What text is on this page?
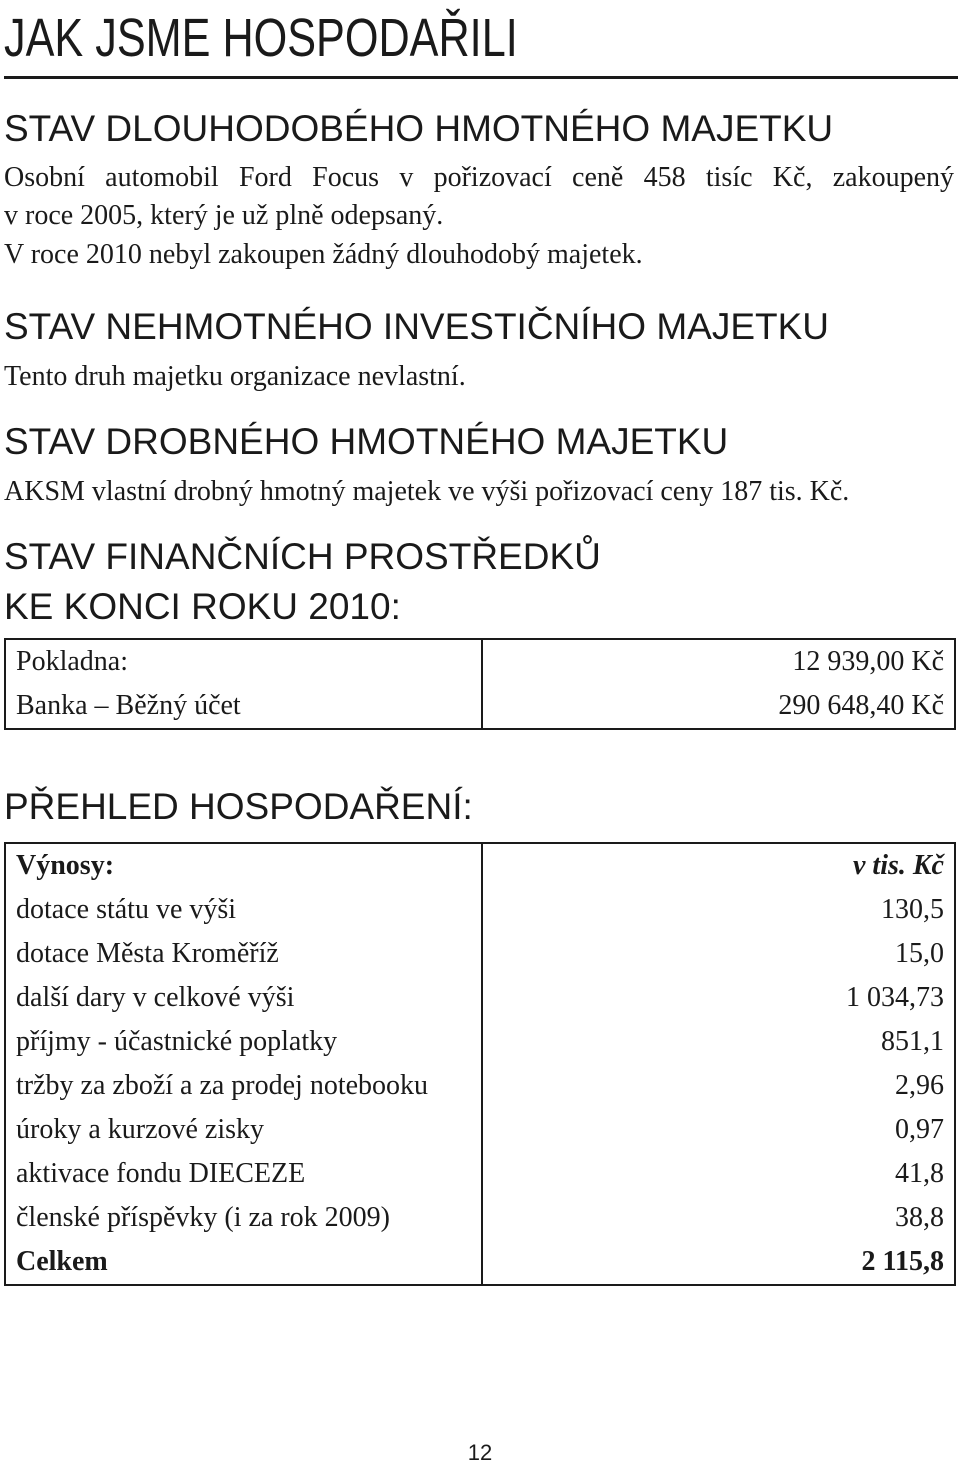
JAK JSME HOSPODAŘILI
STAV DLOUHODOBÉHO HMOTNÉHO MAJETKU
Osobní automobil Ford Focus v pořizovací ceně 458 tisíc Kč, zakoupený
v roce 2005, který je už plně odepsaný.
V roce 2010 nebyl zakoupen žádný dlouhodobý majetek.
STAV NEHMOTNÉHO INVESTIČNÍHO MAJETKU
Tento druh majetku organizace nevlastní.
STAV DROBNÉHO HMOTNÉHO MAJETKU
AKSM vlastní drobný hmotný majetek ve výši pořizovací ceny 187 tis. Kč.
STAV FINANČNÍCH PROSTŘEDKŮ
KE KONCI ROKU 2010:
Pokladna:	12 939,00 Kč
Banka – Běžný účet	290 648,40 Kč
PŘEHLED HOSPODAŘENÍ:
Výnosy:	v tis. Kč
dotace státu ve výši	130,5
dotace Města Kroměříž	15,0
další dary v celkové výši	1 034,73
příjmy - účastnické poplatky	851,1
tržby za zboží a za prodej notebooku	2,96
úroky a kurzové zisky	0,97
aktivace fondu DIECEZE	41,8
členské příspěvky (i za rok 2009)	38,8
Celkem	2 115,8
12
